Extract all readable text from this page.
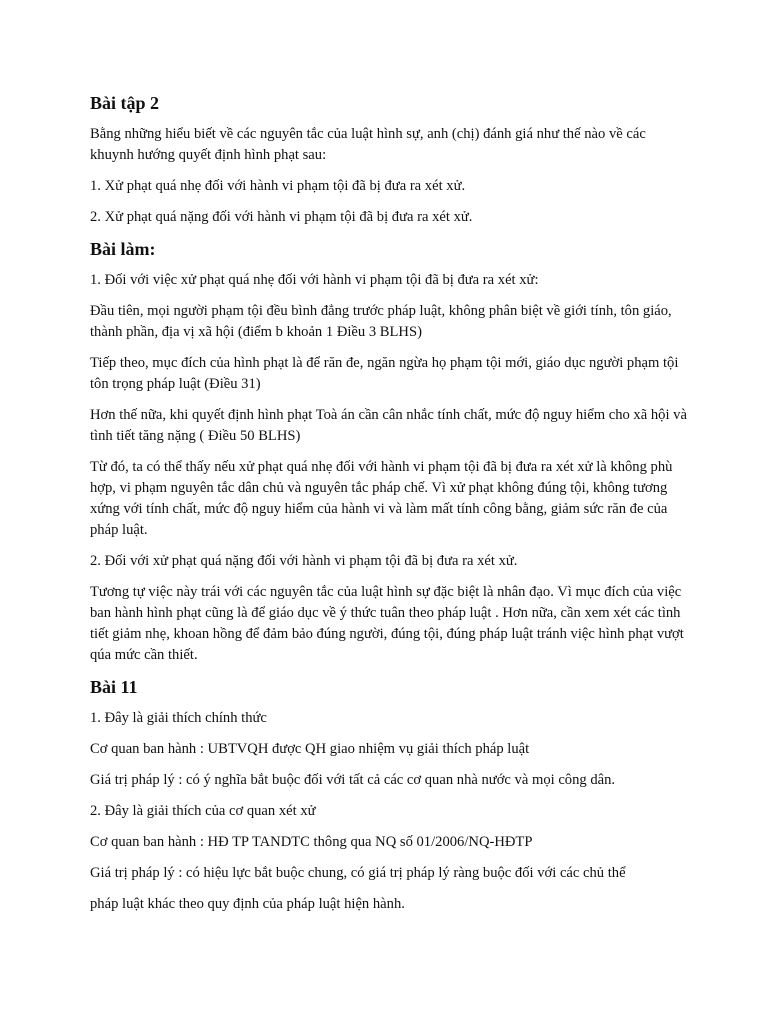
Bài tập 2

Bằng những hiểu biết về các nguyên tắc của luật hình sự, anh (chị) đánh giá như thế nào về các khuynh hướng quyết định hình phạt sau:

1. Xử phạt quá nhẹ đối với hành vi phạm tội đã bị đưa ra xét xử.

2. Xử phạt quá nặng đối với hành vi phạm tội đã bị đưa ra xét xử.

Bài làm:

1. Đối với việc xử phạt quá nhẹ đối với hành vi phạm tội đã bị đưa ra xét xử:

Đầu tiên, mọi người phạm tội đều bình đẳng trước pháp luật, không phân biệt về giới tính, tôn giáo, thành phần, địa vị xã hội (điểm b khoản 1 Điều 3 BLHS)

Tiếp theo, mục đích của hình phạt là để răn đe, ngăn ngừa họ phạm tội mới, giáo dục người phạm tội tôn trọng pháp luật (Điều 31)

Hơn thế nữa, khi quyết định hình phạt Toà án cần cân nhắc tính chất, mức độ nguy hiểm cho xã hội và tình tiết tăng nặng ( Điều 50 BLHS)

Từ đó, ta có thể thấy nếu xử phạt quá nhẹ đối với hành vi phạm tội đã bị đưa ra xét xử là không phù hợp, vi phạm nguyên tắc dân chủ và nguyên tắc pháp chế. Vì xử phạt không đúng tội, không tương xứng với tính chất, mức độ nguy hiểm của hành vi và làm mất tính công bằng, giảm sức răn đe của pháp luật.

2. Đối với xử phạt quá nặng đối với hành vi phạm tội đã bị đưa ra xét xử.

Tương tự việc này trái với các nguyên tắc của luật hình sự đặc biệt là nhân đạo. Vì mục đích của việc ban hành hình phạt cũng là để giáo dục về ý thức tuân theo pháp luật . Hơn nữa, cần xem xét các tình tiết giảm nhẹ, khoan hồng để đảm bảo đúng người, đúng tội, đúng pháp luật tránh việc hình phạt vượt qúa mức cần thiết.

Bài 11

1. Đây là giải thích chính thức

Cơ quan ban hành : UBTVQH được QH giao nhiệm vụ giải thích pháp luật

Giá trị pháp lý : có ý nghĩa bắt buộc đối với tất cả các cơ quan nhà nước và mọi công dân.

2. Đây là giải thích của cơ quan xét xử

Cơ quan ban hành : HĐ TP TANDTC thông qua NQ số 01/2006/NQ-HĐTP

Giá trị pháp lý : có hiệu lực bắt buộc chung, có giá trị pháp lý ràng buộc đối với các chủ thể

pháp luật khác theo quy định của pháp luật hiện hành.
